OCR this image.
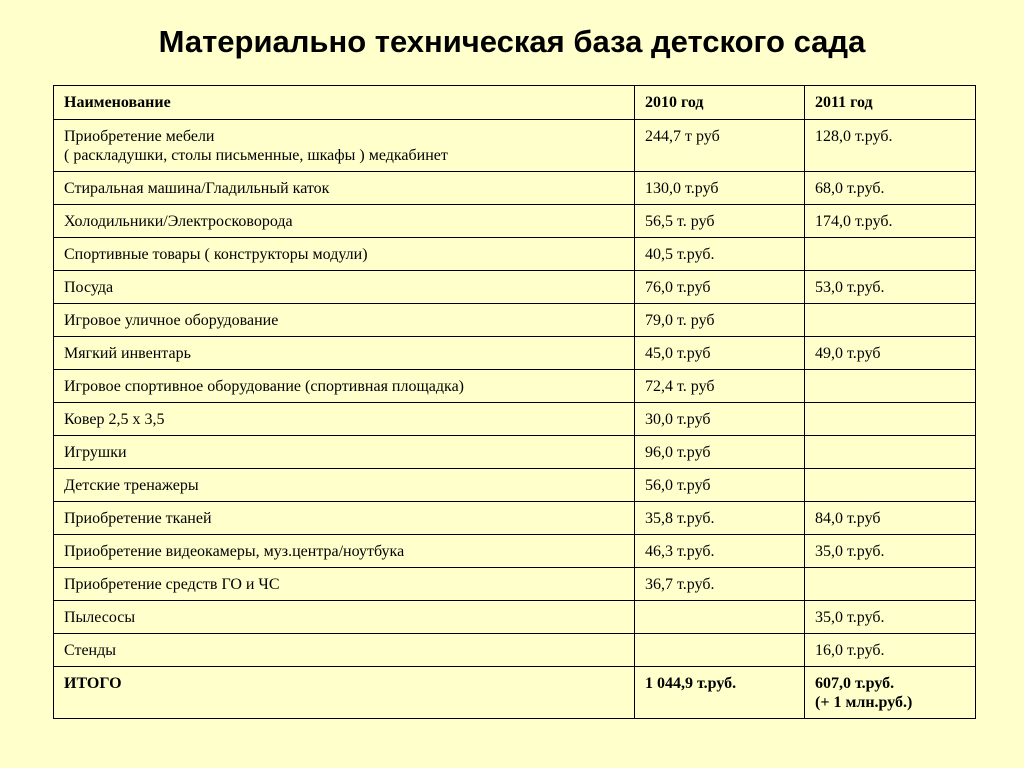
Материально техническая база детского сада
Наименование	2010 год	2011 год

Приобретение мебели
( раскладушки, столы письменные, шкафы ) медкабинет	244,7 т руб	128,0 т.руб.
Стиральная машина/Гладильный каток	130,0 т.руб	68,0 т.руб.
Холодильники/Электросковорода	56,5 т. руб	174,0 т.руб.
Спортивные товары ( конструкторы модули)	40,5 т.руб.	
Посуда	76,0 т.руб	53,0 т.руб.
Игровое уличное оборудование	79,0 т. руб	
Мягкий инвентарь	45,0 т.руб	49,0 т.руб
Игровое спортивное оборудование (спортивная площадка)	72,4 т. руб	
Ковер 2,5 х 3,5	30,0 т.руб	
Игрушки	96,0 т.руб	
Детские тренажеры	56,0 т.руб	
Приобретение тканей	35,8 т.руб.	84,0 т.руб
Приобретение видеокамеры, муз.центра/ноутбука	46,3 т.руб.	35,0 т.руб.
Приобретение средств ГО и ЧС	36,7 т.руб.	
Пылесосы		35,0 т.руб.
Стенды		16,0 т.руб.
ИТОГО	1 044,9 т.руб.	607,0 т.руб.
(+ 1 млн.руб.)
